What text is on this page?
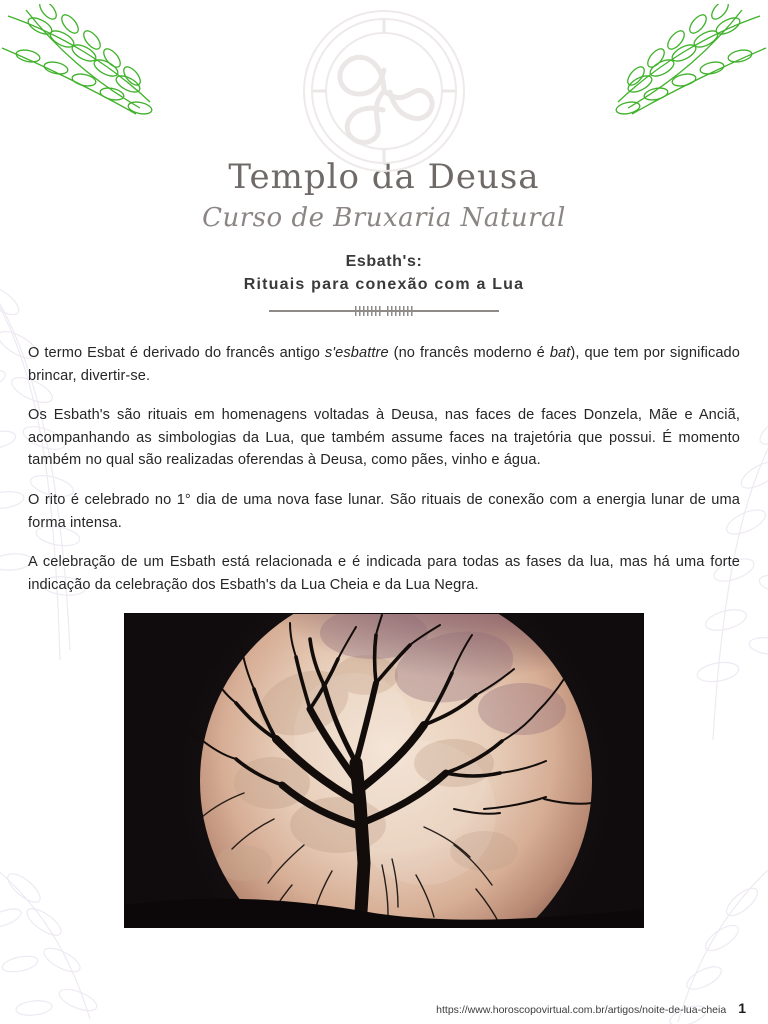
Templo da Deusa
Curso de Bruxaria Natural
Esbath's:
Rituais para conexão com a Lua

O termo Esbat é derivado do francês antigo s'esbattre (no francês moderno é bat), que tem por significado brincar, divertir-se.

Os Esbath's são rituais em homenagens voltadas à Deusa, nas faces de faces Donzela, Mãe e Anciã, acompanhando as simbologias da Lua, que também assume faces na trajetória que possui. É momento também no qual são realizadas oferendas à Deusa, como pães, vinho e água.

O rito é celebrado no 1° dia de uma nova fase lunar. São rituais de conexão com a energia lunar de uma forma intensa.

A celebração de um Esbath está relacionada e é indicada para todas as fases da lua, mas há uma forte indicação da celebração dos Esbath's da Lua Cheia e da Lua Negra.

https://www.horoscopovirtual.com.br/artigos/noite-de-lua-cheia 1
